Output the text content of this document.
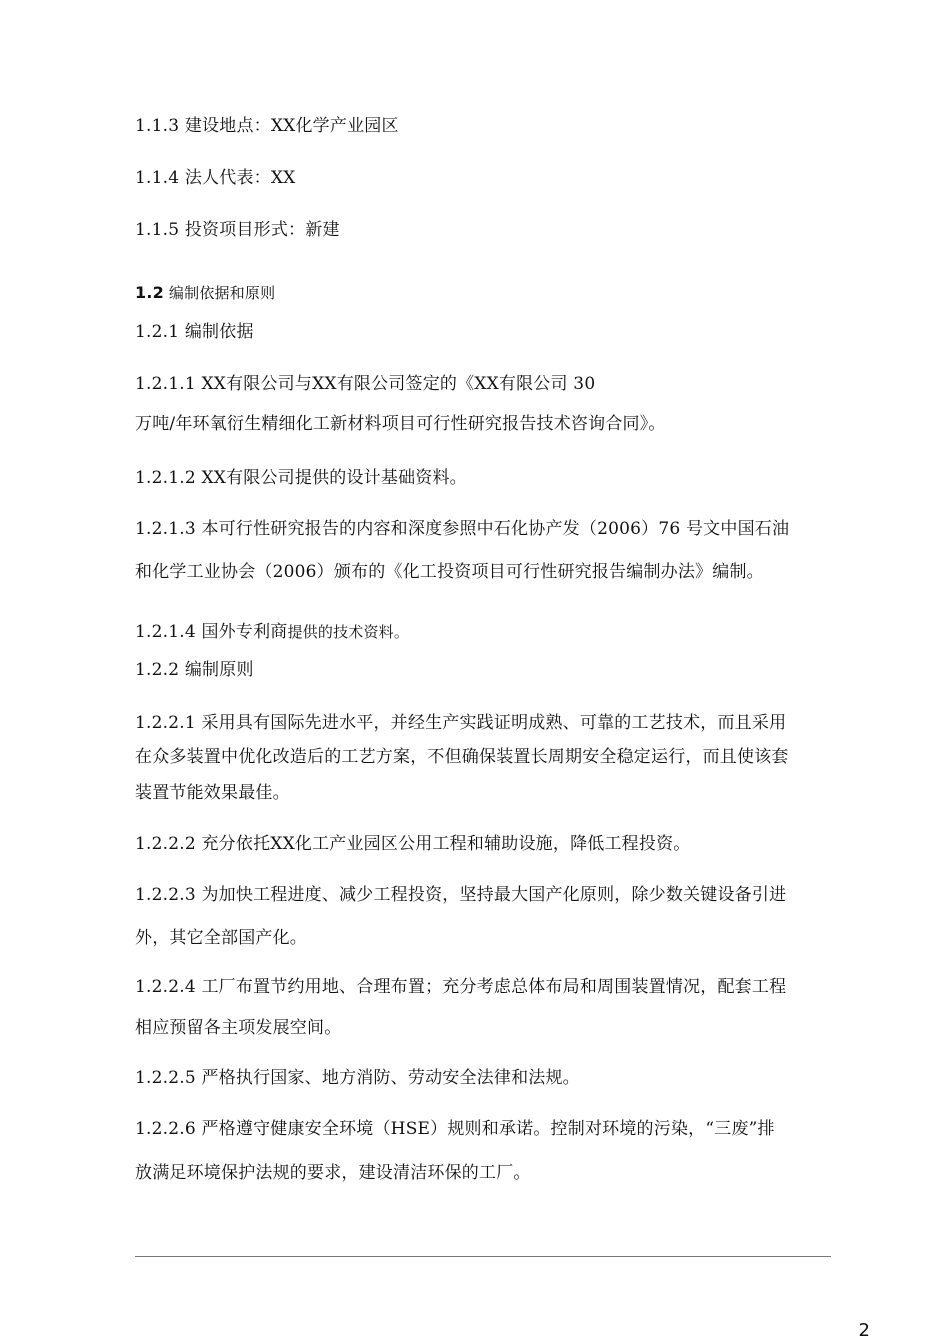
1.1.3 建设地点：XX化学产业园区

1.1.4 法人代表：XX

1.1.5 投资项目形式：新建

1.2 编制依据和原则

1.2.1 编制依据

1.2.1.1 XX有限公司与XX有限公司签定的《XX有限公司 30

万吨/年环氧衍生精细化工新材料项目可行性研究报告技术咨询合同》。

1.2.1.2 XX有限公司提供的设计基础资料。

1.2.1.3 本可行性研究报告的内容和深度参照中石化协产发（2006）76 号文中国石油

和化学工业协会（2006）颁布的《化工投资项目可行性研究报告编制办法》编制。

1.2.1.4 国外专利商提供的技术资料。

1.2.2 编制原则

1.2.2.1 采用具有国际先进水平，并经生产实践证明成熟、可靠的工艺技术，而且采用

在众多装置中优化改造后的工艺方案，不但确保装置长周期安全稳定运行，而且使该套

装置节能效果最佳。

1.2.2.2 充分依托XX化工产业园区公用工程和辅助设施，降低工程投资。

1.2.2.3 为加快工程进度、减少工程投资，坚持最大国产化原则，除少数关键设备引进

外，其它全部国产化。

1.2.2.4 工厂布置节约用地、合理布置；充分考虑总体布局和周围装置情况，配套工程

相应预留各主项发展空间。

1.2.2.5 严格执行国家、地方消防、劳动安全法律和法规。

1.2.2.6 严格遵守健康安全环境（HSE）规则和承诺。控制对环境的污染，“三废”排

放满足环境保护法规的要求，建设清洁环保的工厂。

2
